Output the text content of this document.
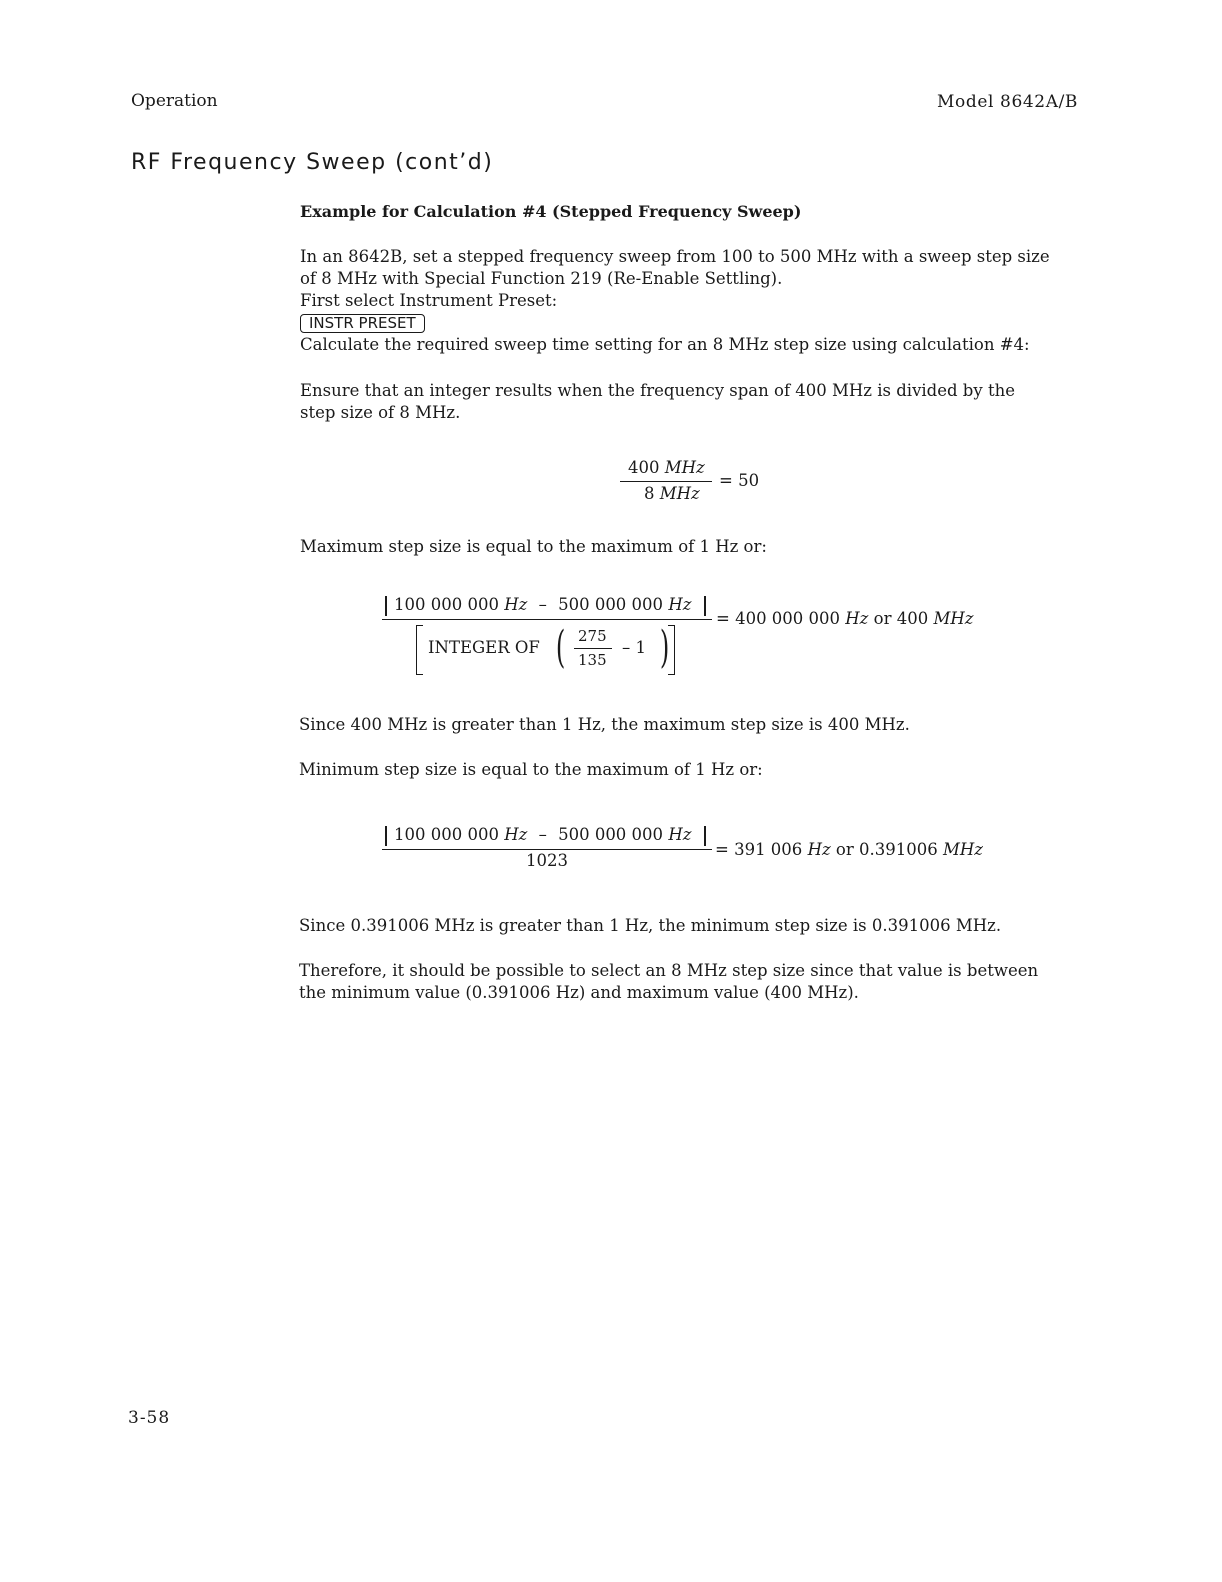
Operation	Model 8642A/B
RF Frequency Sweep (cont’d)
Example for Calculation #4 (Stepped Frequency Sweep)
In an 8642B, set a stepped frequency sweep from 100 to 500 MHz with a sweep step size
of 8 MHz with Special Function 219 (Re-Enable Settling).
First select Instrument Preset:
INSTR PRESET
Calculate the required sweep time setting for an 8 MHz step size using calculation #4:
Ensure that an integer results when the frequency span of 400 MHz is divided by the
step size of 8 MHz.
400 MHz
8 MHz
= 50
Maximum step size is equal to the maximum of 1 Hz or:
100 000 000 Hz – 500 000 000 Hz
INTEGER OF ( 275
135
– 1 )
= 400 000 000 Hz or 400 MHz
Since 400 MHz is greater than 1 Hz, the maximum step size is 400 MHz.
Minimum step size is equal to the maximum of 1 Hz or:
100 000 000 Hz – 500 000 000 Hz
1023
= 391 006 Hz or 0.391006 MHz
Since 0.391006 MHz is greater than 1 Hz, the minimum step size is 0.391006 MHz.
Therefore, it should be possible to select an 8 MHz step size since that value is between
the minimum value (0.391006 Hz) and maximum value (400 MHz).
3-58
